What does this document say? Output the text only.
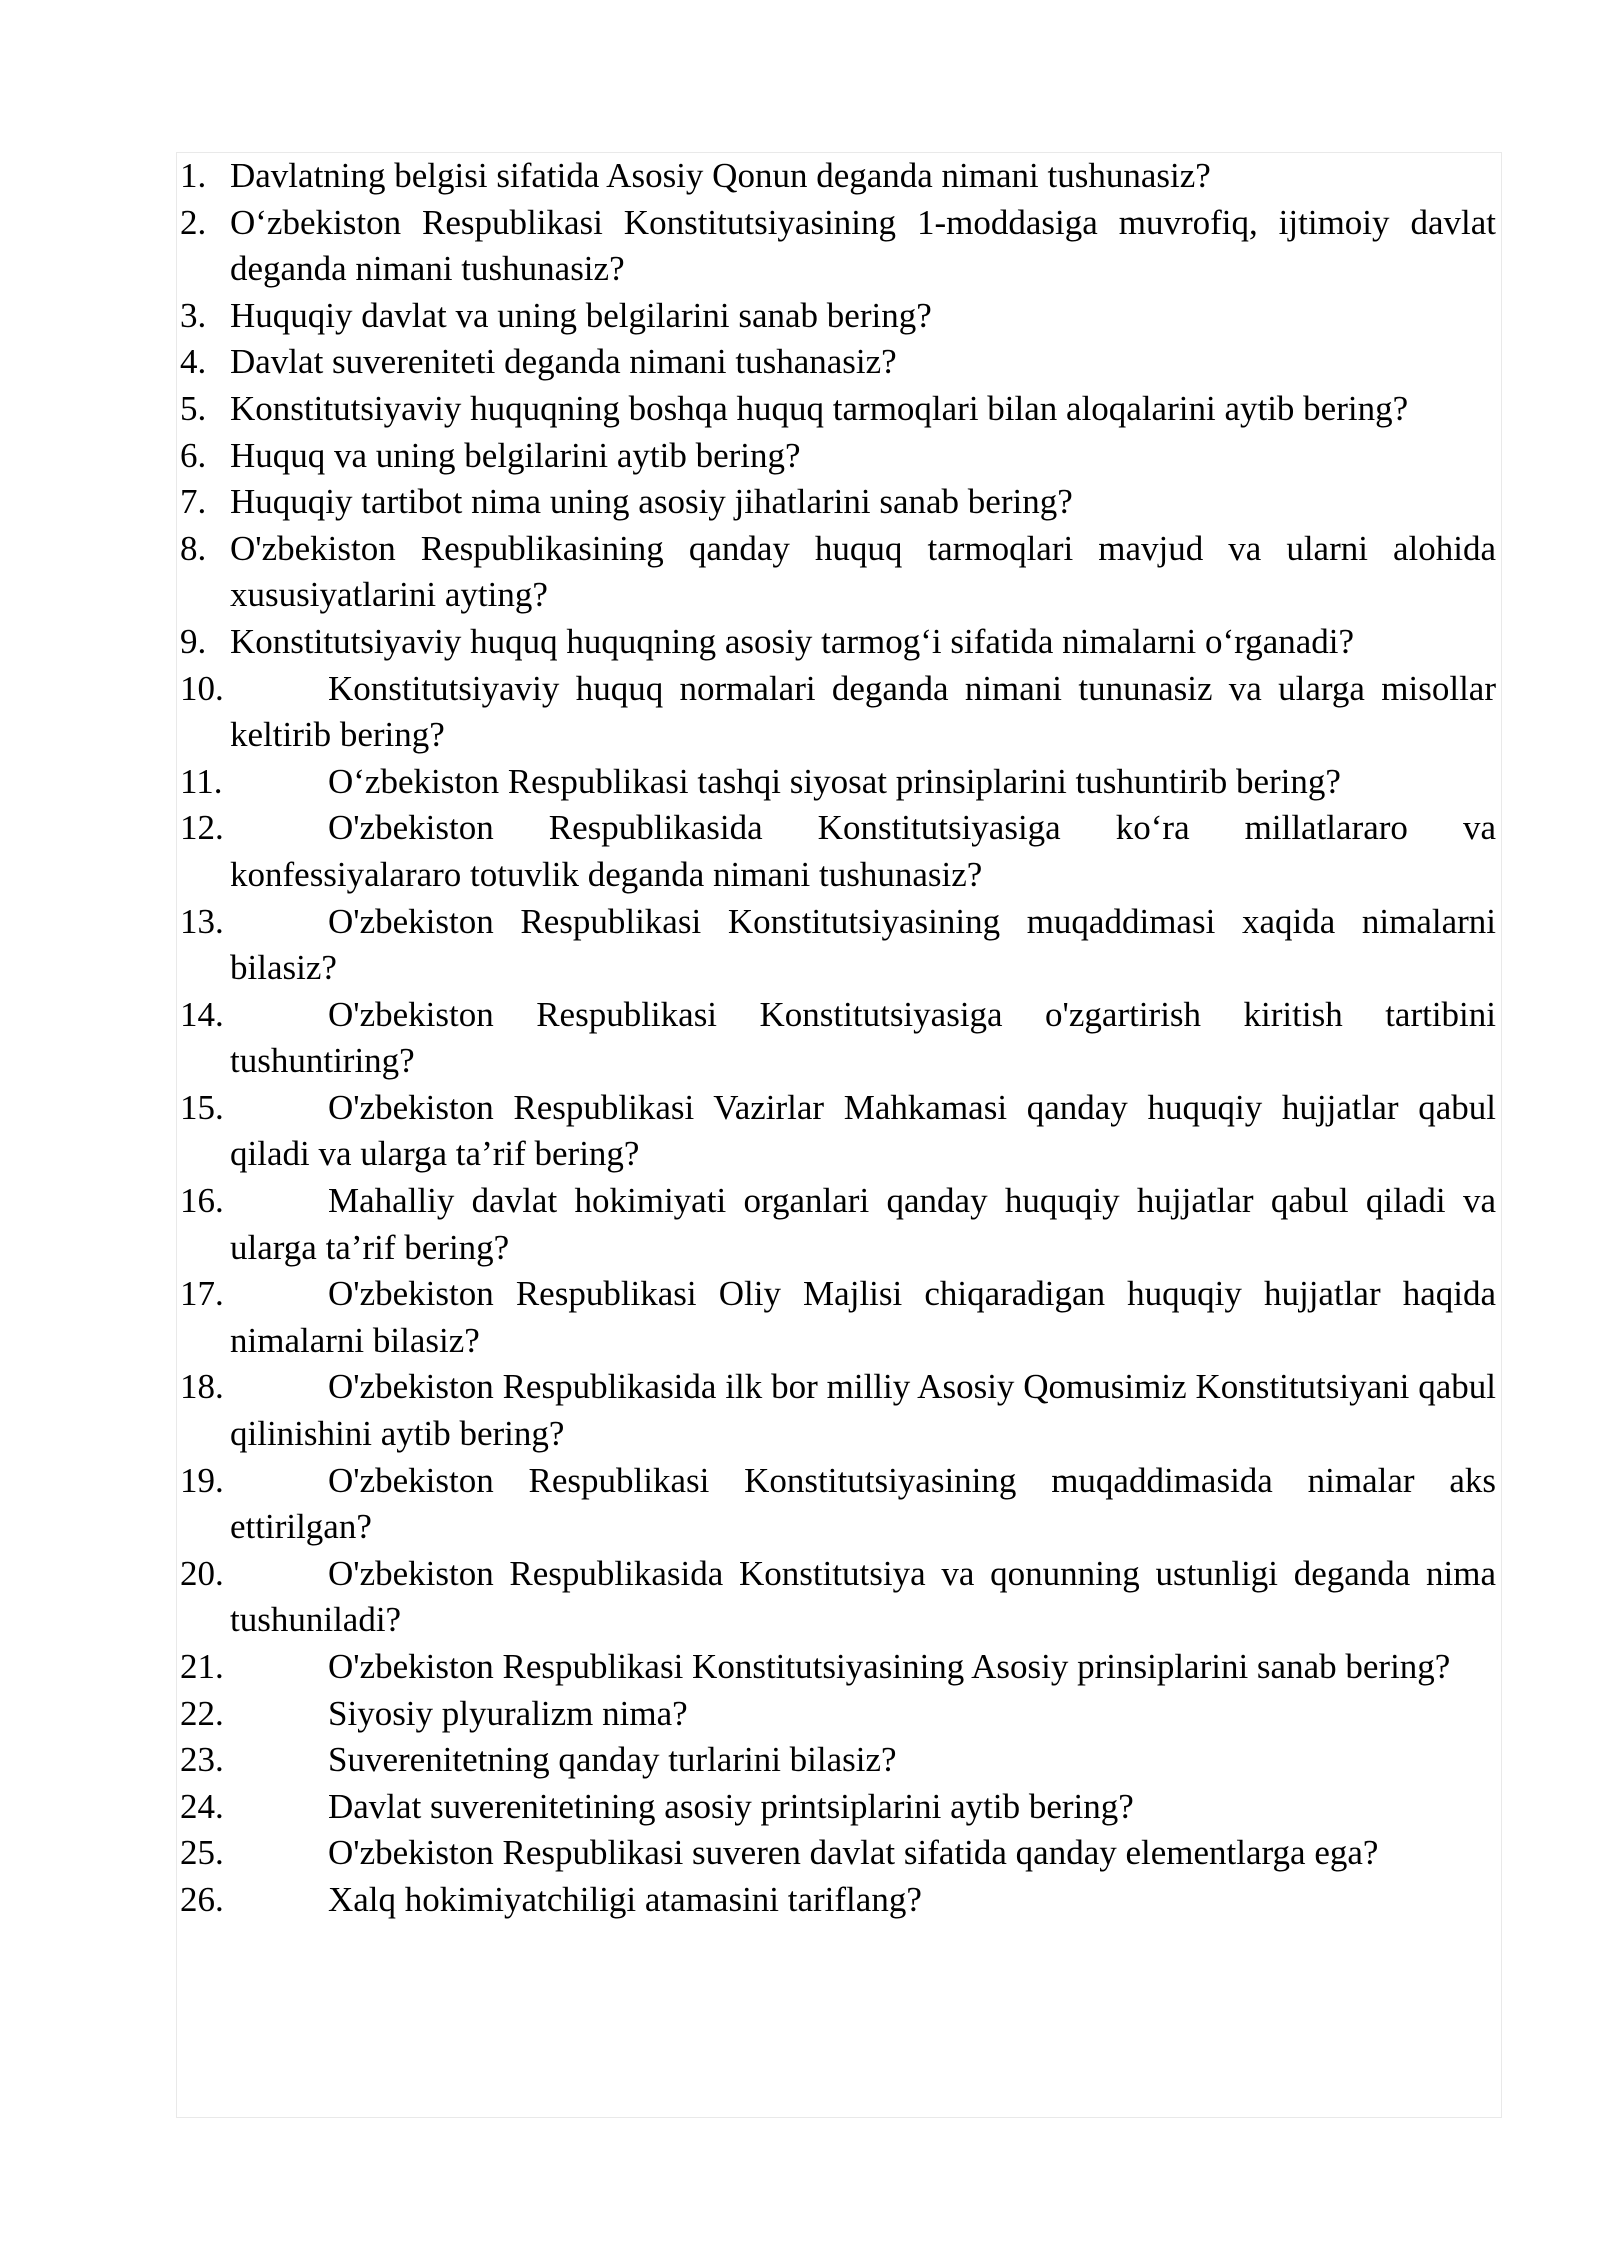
1. Davlatning belgisi sifatida Asosiy Qonun deganda nimani tushunasiz?
2. O‘zbekiston Respublikasi Konstitutsiyasining 1-moddasiga muvrofiq, ijtimoiy davlat deganda nimani tushunasiz?
3. Huquqiy davlat va uning belgilarini sanab bering?
4. Davlat suvereniteti deganda nimani tushanasiz?
5. Konstitutsiyaviy huquqning boshqa huquq tarmoqlari bilan aloqalarini aytib bering?
6. Huquq va uning belgilarini aytib bering?
7. Huquqiy tartibot nima uning asosiy jihatlarini sanab bering?
8. O'zbekiston Respublikasining qanday huquq tarmoqlari mavjud va ularni alohida xususiyatlarini ayting?
9. Konstitutsiyaviy huquq huquqning asosiy tarmog‘i sifatida nimalarni o‘rganadi?
10.	Konstitutsiyaviy huquq normalari deganda nimani tununasiz va ularga misollar keltirib bering?
11.	O‘zbekiston Respublikasi tashqi siyosat prinsiplarini tushuntirib bering?
12.	O'zbekiston Respublikasida Konstitutsiyasiga ko‘ra millatlararo va konfessiyalararo totuvlik deganda nimani tushunasiz?
13.	O'zbekiston Respublikasi Konstitutsiyasining muqaddimasi xaqida nimalarni bilasiz?
14.	O'zbekiston Respublikasi Konstitutsiyasiga o'zgartirish kiritish tartibini tushuntiring?
15.	O'zbekiston Respublikasi Vazirlar Mahkamasi qanday huquqiy hujjatlar qabul qiladi va ularga ta’rif bering?
16.	Mahalliy davlat hokimiyati organlari qanday huquqiy hujjatlar qabul qiladi va ularga ta’rif bering?
17.	O'zbekiston Respublikasi Oliy Majlisi chiqaradigan huquqiy hujjatlar haqida nimalarni bilasiz?
18.	O'zbekiston Respublikasida ilk bor milliy Asosiy Qomusimiz Konstitutsiyani qabul qilinishini aytib bering?
19.	O'zbekiston Respublikasi Konstitutsiyasining muqaddimasida nimalar aks ettirilgan?
20.	O'zbekiston Respublikasida Konstitutsiya va qonunning ustunligi deganda nima tushuniladi?
21.	O'zbekiston Respublikasi Konstitutsiyasining Asosiy prinsiplarini sanab bering?
22.	Siyosiy plyuralizm nima?
23.	Suverenitetning qanday turlarini bilasiz?
24.	Davlat suverenitetining asosiy printsiplarini aytib bering?
25.	O'zbekiston Respublikasi suveren davlat sifatida qanday elementlarga ega?
26.	Xalq hokimiyatchiligi atamasini tariflang?
